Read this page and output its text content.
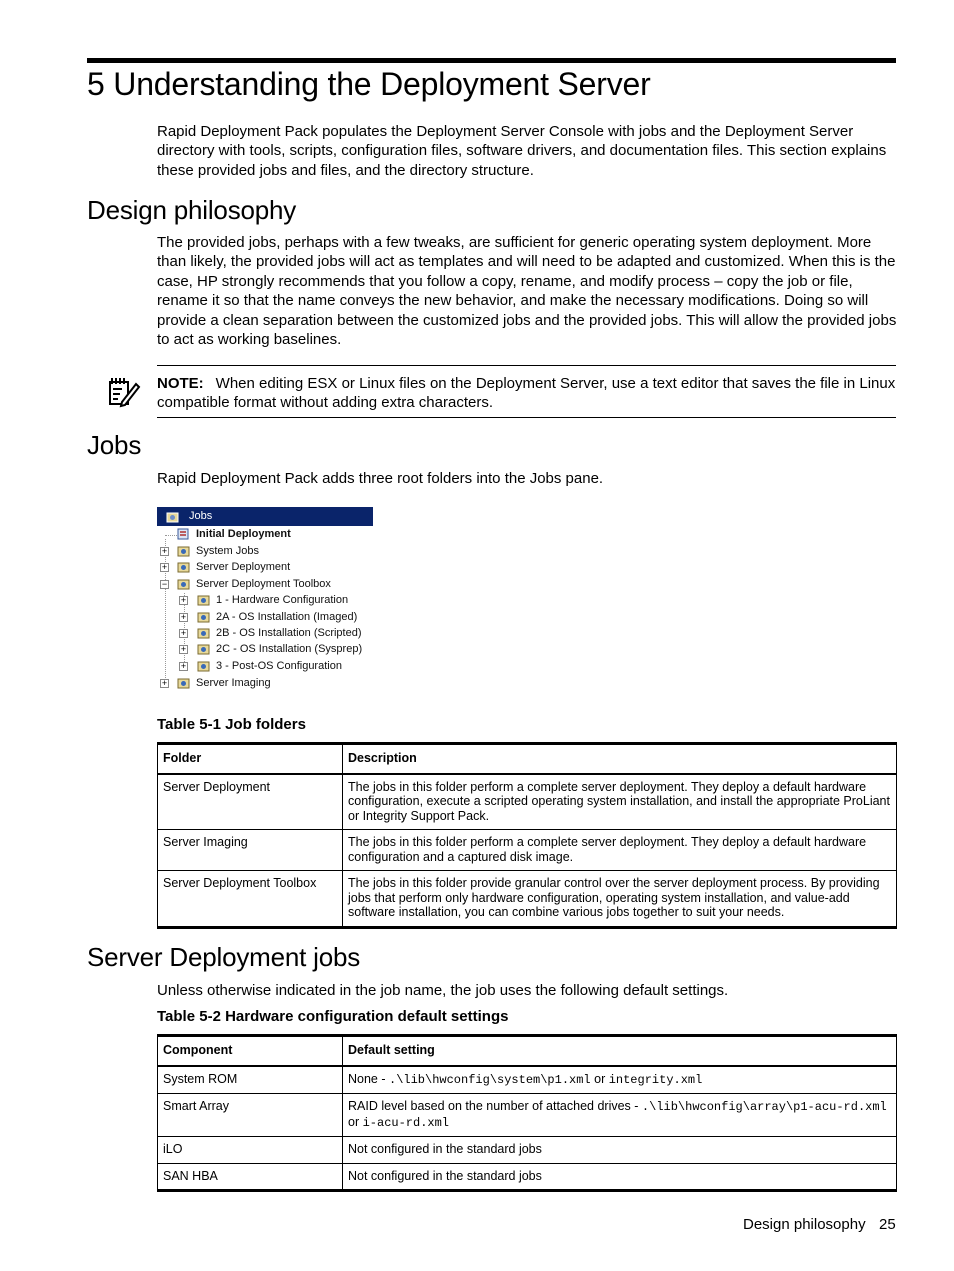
5 Understanding the Deployment Server

Rapid Deployment Pack populates the Deployment Server Console with jobs and the Deployment Server directory with tools, scripts, configuration files, software drivers, and documentation files. This section explains these provided jobs and files, and the directory structure.

Design philosophy

The provided jobs, perhaps with a few tweaks, are sufficient for generic operating system deployment. More than likely, the provided jobs will act as templates and will need to be adapted and customized. When this is the case, HP strongly recommends that you follow a copy, rename, and modify process – copy the job or file, rename it so that the name conveys the new behavior, and make the necessary modifications. Doing so will provide a clean separation between the customized jobs and the provided jobs. This will allow the provided jobs to act as working baselines.

NOTE: When editing ESX or Linux files on the Deployment Server, use a text editor that saves the file in Linux compatible format without adding extra characters.
Jobs

Rapid Deployment Pack adds three root folders into the Jobs pane.

Jobs
Initial Deployment
+	System Jobs
+	Server Deployment
−	Server Deployment Toolbox
+	1 - Hardware Configuration
+	2A - OS Installation (Imaged)
+	2B - OS Installation (Scripted)
+	2C - OS Installation (Sysprep)
+	3 - Post-OS Configuration
+	Server Imaging

Table 5-1 Job folders

Folder	Description
Server Deployment	The jobs in this folder perform a complete server deployment. They deploy a default hardware configuration, execute a scripted operating system installation, and install the appropriate ProLiant or Integrity Support Pack.
Server Imaging	The jobs in this folder perform a complete server deployment. They deploy a default hardware configuration and a captured disk image.
Server Deployment Toolbox	The jobs in this folder provide granular control over the server deployment process. By providing jobs that perform only hardware configuration, operating system installation, and value-add software installation, you can combine various jobs together to suit your needs.
Server Deployment jobs

Unless otherwise indicated in the job name, the job uses the following default settings.

Table 5-2 Hardware configuration default settings

Component	Default setting
System ROM	None - .\lib\hwconfig\system\p1.xml or integrity.xml
Smart Array	RAID level based on the number of attached drives - .\lib\hwconfig\array\p1-acu-rd.xml
or i-acu-rd.xml
iLO	Not configured in the standard jobs
SAN HBA	Not configured in the standard jobs
Design philosophy 25
